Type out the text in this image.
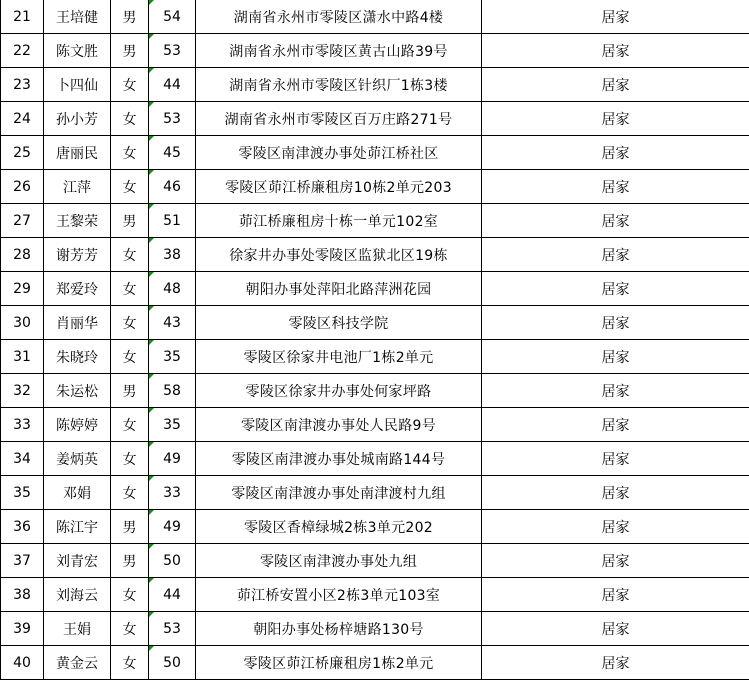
21	王培健	男	54	湖南省永州市零陵区潇水中路4楼	居家
22	陈文胜	男	53	湖南省永州市零陵区黄古山路39号	居家
23	卜四仙	女	44	湖南省永州市零陵区针织厂1栋3楼	居家
24	孙小芳	女	53	湖南省永州市零陵区百万庄路271号	居家
25	唐丽民	女	45	零陵区南津渡办事处茆江桥社区	居家
26	江萍	女	46	零陵区茆江桥廉租房10栋2单元203	居家
27	王黎荣	男	51	茆江桥廉租房十栋一单元102室	居家
28	谢芳芳	女	38	徐家井办事处零陵区监狱北区19栋	居家
29	郑爱玲	女	48	朝阳办事处萍阳北路萍洲花园	居家
30	肖丽华	女	43	零陵区科技学院	居家
31	朱晓玲	女	35	零陵区徐家井电池厂1栋2单元	居家
32	朱运松	男	58	零陵区徐家井办事处何家坪路	居家
33	陈婷婷	女	35	零陵区南津渡办事处人民路9号	居家
34	姜炳英	女	49	零陵区南津渡办事处城南路144号	居家
35	邓娟	女	33	零陵区南津渡办事处南津渡村九组	居家
36	陈江宇	男	49	零陵区香樟绿城2栋3单元202	居家
37	刘青宏	男	50	零陵区南津渡办事处九组	居家
38	刘海云	女	44	茆江桥安置小区2栋3单元103室	居家
39	王娟	女	53	朝阳办事处杨梓塘路130号	居家
40	黄金云	女	50	零陵区茆江桥廉租房1栋2单元	居家
